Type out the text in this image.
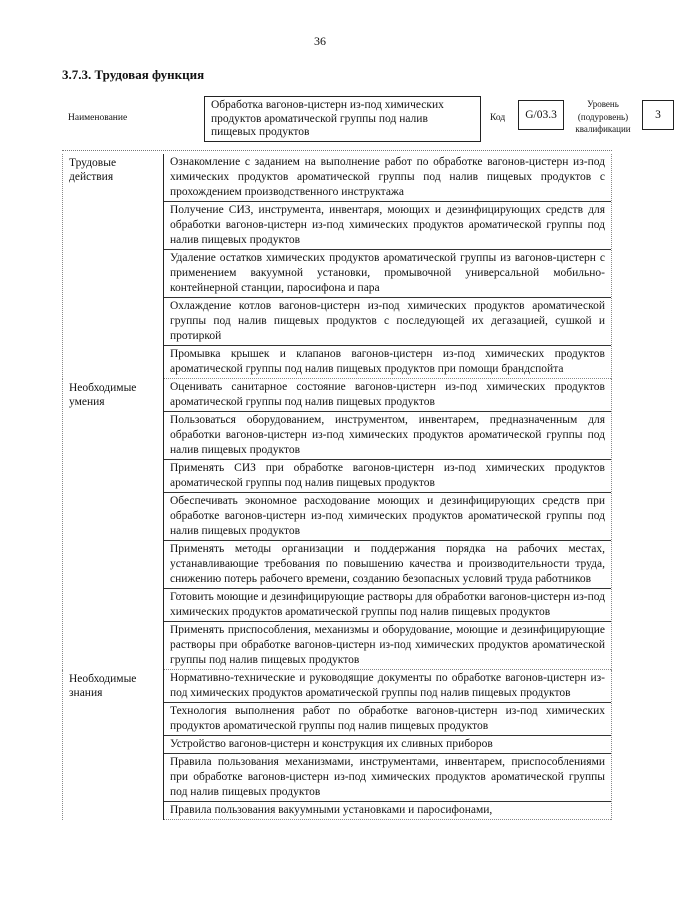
36
3.7.3. Трудовая функция
Наименование
Обработка вагонов-цистерн из-под химических продуктов ароматической группы под налив пищевых продуктов
Код	G/03.3
Уровень (подуровень) квалификации
3
Трудовые действия
Ознакомление с заданием на выполнение работ по обработке вагонов-цистерн из-под химических продуктов ароматической группы под налив пищевых продуктов с прохождением производственного инструктажа
Получение СИЗ, инструмента, инвентаря, моющих и дезинфицирующих средств для обработки вагонов-цистерн из-под химических продуктов ароматической группы под налив пищевых продуктов
Удаление остатков химических продуктов ароматической группы из вагонов-цистерн с применением вакуумной установки, промывочной универсальной мобильно-контейнерной станции, паросифона и пара
Охлаждение котлов вагонов-цистерн из-под химических продуктов ароматической группы под налив пищевых продуктов с последующей их дегазацией, сушкой и протиркой
Промывка крышек и клапанов вагонов-цистерн из-под химических продуктов ароматической группы под налив пищевых продуктов при помощи брандспойта
Необходимые умения
Оценивать санитарное состояние вагонов-цистерн из-под химических продуктов ароматической группы под налив пищевых продуктов
Пользоваться оборудованием, инструментом, инвентарем, предназначенным для обработки вагонов-цистерн из-под химических продуктов ароматической группы под налив пищевых продуктов
Применять СИЗ при обработке вагонов-цистерн из-под химических продуктов ароматической группы под налив пищевых продуктов
Обеспечивать экономное расходование моющих и дезинфицирующих средств при обработке вагонов-цистерн из-под химических продуктов ароматической группы под налив пищевых продуктов
Применять методы организации и поддержания порядка на рабочих местах, устанавливающие требования по повышению качества и производительности труда, снижению потерь рабочего времени, созданию безопасных условий труда работников
Готовить моющие и дезинфицирующие растворы для обработки вагонов-цистерн из-под химических продуктов ароматической группы под налив пищевых продуктов
Применять приспособления, механизмы и оборудование, моющие и дезинфицирующие растворы при обработке вагонов-цистерн из-под химических продуктов ароматической группы под налив пищевых продуктов
Необходимые знания
Нормативно-технические и руководящие документы по обработке вагонов-цистерн из-под химических продуктов ароматической группы под налив пищевых продуктов
Технология выполнения работ по обработке вагонов-цистерн из-под химических продуктов ароматической группы под налив пищевых продуктов
Устройство вагонов-цистерн и конструкция их сливных приборов
Правила пользования механизмами, инструментами, инвентарем, приспособлениями при обработке вагонов-цистерн из-под химических продуктов ароматической группы под налив пищевых продуктов
Правила пользования вакуумными установками и паросифонами,
